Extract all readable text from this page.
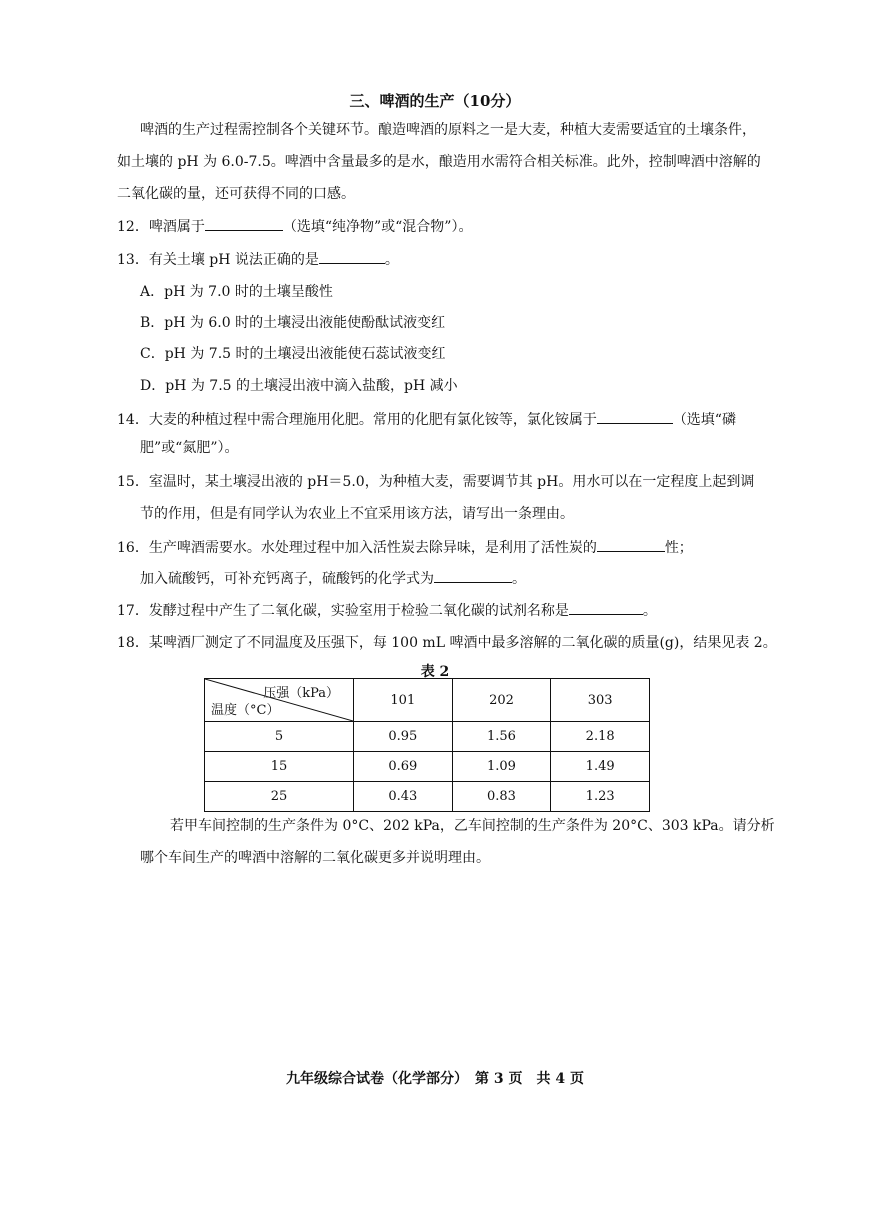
三、啤酒的生产（10分）
啤酒的生产过程需控制各个关键环节。酿造啤酒的原料之一是大麦，种植大麦需要适宜的土壤条件，
如土壤的 pH 为 6.0-7.5。啤酒中含量最多的是水，酿造用水需符合相关标准。此外，控制啤酒中溶解的
二氧化碳的量，还可获得不同的口感。
12．啤酒属于	（选填“纯净物”或“混合物”）。
13．有关土壤 pH 说法正确的是	。
A．pH 为 7.0 时的土壤呈酸性
B．pH 为 6.0 时的土壤浸出液能使酚酞试液变红
C．pH 为 7.5 时的土壤浸出液能使石蕊试液变红
D．pH 为 7.5 的土壤浸出液中滴入盐酸，pH 减小
14．大麦的种植过程中需合理施用化肥。常用的化肥有氯化铵等，氯化铵属于	（选填“磷
肥”或“氮肥”）。
15．室温时，某土壤浸出液的 pH＝5.0，为种植大麦，需要调节其 pH。用水可以在一定程度上起到调
节的作用，但是有同学认为农业上不宜采用该方法，请写出一条理由。
16．生产啤酒需要水。水处理过程中加入活性炭去除异味，是利用了活性炭的	性；
加入硫酸钙，可补充钙离子，硫酸钙的化学式为	。
17．发酵过程中产生了二氧化碳，实验室用于检验二氧化碳的试剂名称是	。
18．某啤酒厂测定了不同温度及压强下，每 100 mL 啤酒中最多溶解的二氧化碳的质量(g)，结果见表 2。
表 2
压强（kPa）
温度（°C）	101	202	303
5	0.95	1.56	2.18
15	0.69	1.09	1.49
25	0.43	0.83	1.23
若甲车间控制的生产条件为 0°C、202 kPa，乙车间控制的生产条件为 20°C、303 kPa。请分析
哪个车间生产的啤酒中溶解的二氧化碳更多并说明理由。
九年级综合试卷（化学部分）　第 3 页　共 4 页
